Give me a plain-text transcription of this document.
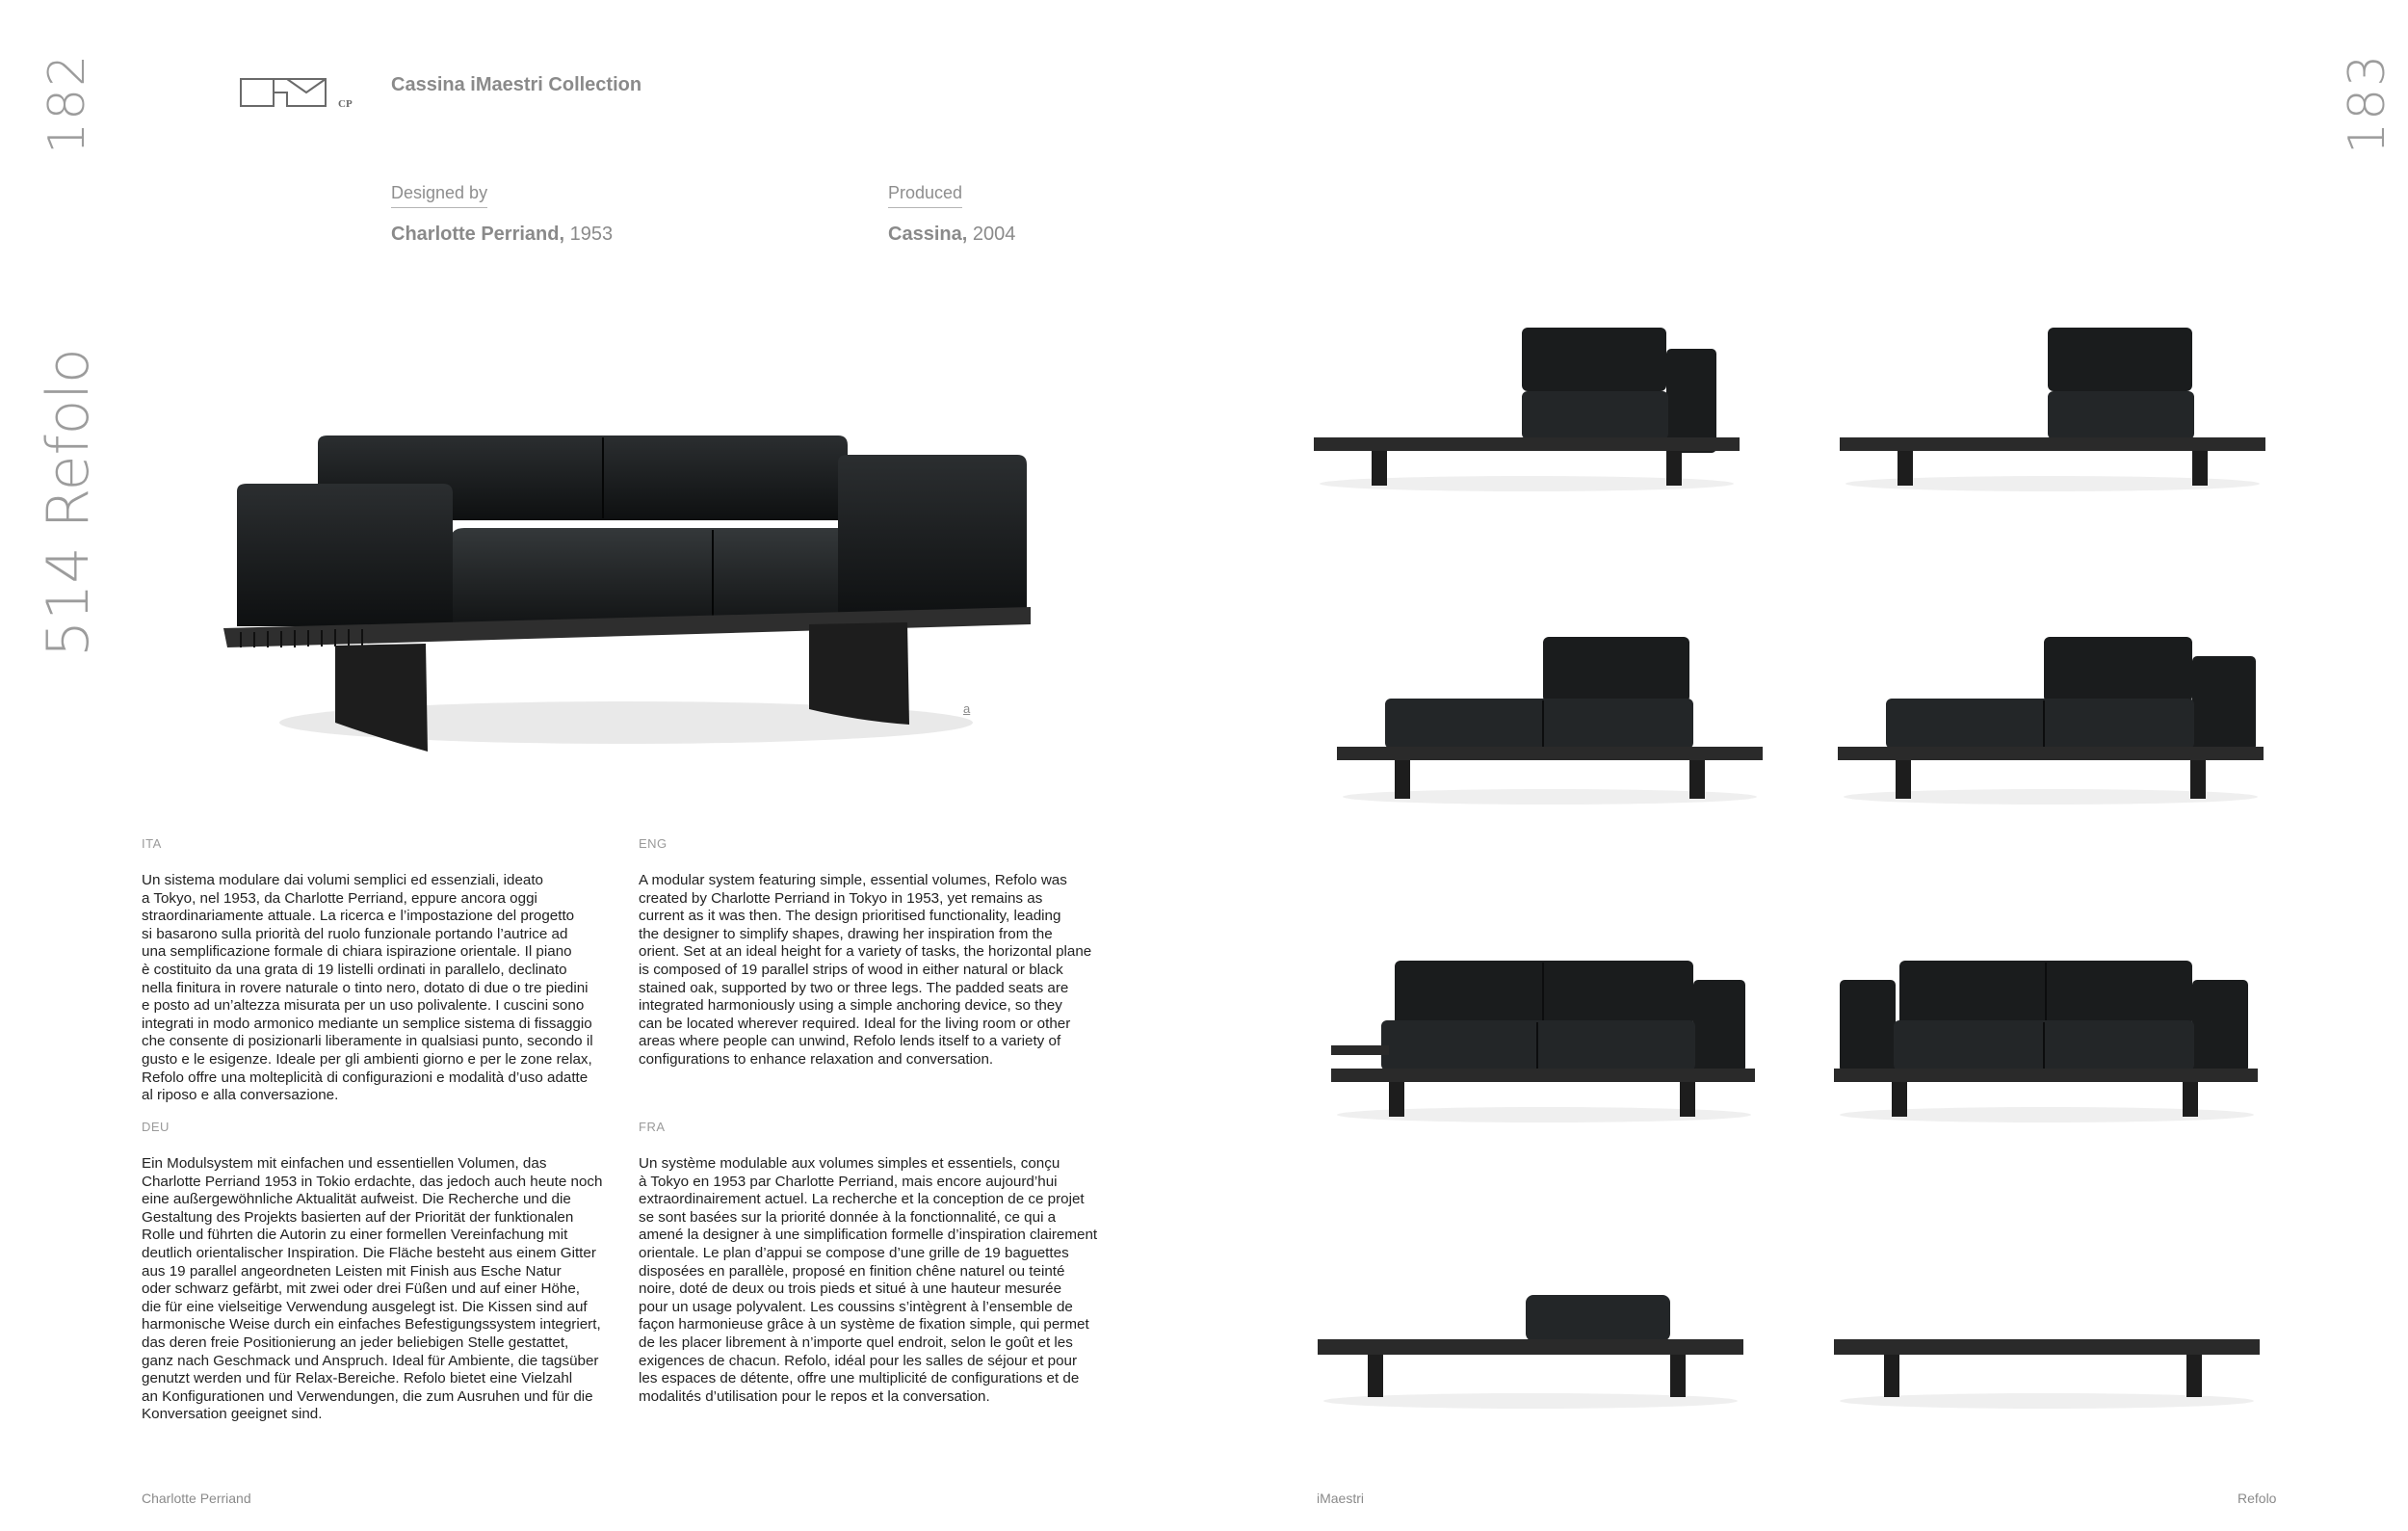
182
514 Refolo
183
CP
Cassina iMaestri Collection
Designed by
Charlotte Perriand, 1953
Produced
Cassina, 2004
a
ITA
Un sistema modulare dai volumi semplici ed essenziali, ideato
a Tokyo, nel 1953, da Charlotte Perriand, eppure ancora oggi
straordinariamente attuale. La ricerca e l’impostazione del progetto
si basarono sulla priorità del ruolo funzionale portando l’autrice ad
una semplificazione formale di chiara ispirazione orientale. Il piano
è costituito da una grata di 19 listelli ordinati in parallelo, declinato
nella finitura in rovere naturale o tinto nero, dotato di due o tre piedini
e posto ad un’altezza misurata per un uso polivalente. I cuscini sono
integrati in modo armonico mediante un semplice sistema di fissaggio
che consente di posizionarli liberamente in qualsiasi punto, secondo il
gusto e le esigenze. Ideale per gli ambienti giorno e per le zone relax,
Refolo offre una molteplicità di configurazioni e modalità d’uso adatte
al riposo e alla conversazione.
ENG
A modular system featuring simple, essential volumes, Refolo was
created by Charlotte Perriand in Tokyo in 1953, yet remains as
current as it was then. The design prioritised functionality, leading
the designer to simplify shapes, drawing her inspiration from the
orient. Set at an ideal height for a variety of tasks, the horizontal plane
is composed of 19 parallel strips of wood in either natural or black
stained oak, supported by two or three legs. The padded seats are
integrated harmoniously using a simple anchoring device, so they
can be located wherever required. Ideal for the living room or other
areas where people can unwind, Refolo lends itself to a variety of
configurations to enhance relaxation and conversation.
DEU
Ein Modulsystem mit einfachen und essentiellen Volumen, das
Charlotte Perriand 1953 in Tokio erdachte, das jedoch auch heute noch
eine außergewöhnliche Aktualität aufweist. Die Recherche und die
Gestaltung des Projekts basierten auf der Priorität der funktionalen
Rolle und führten die Autorin zu einer formellen Vereinfachung mit
deutlich orientalischer Inspiration. Die Fläche besteht aus einem Gitter
aus 19 parallel angeordneten Leisten mit Finish aus Esche Natur
oder schwarz gefärbt, mit zwei oder drei Füßen und auf einer Höhe,
die für eine vielseitige Verwendung ausgelegt ist. Die Kissen sind auf
harmonische Weise durch ein einfaches Befestigungssystem integriert,
das deren freie Positionierung an jeder beliebigen Stelle gestattet,
ganz nach Geschmack und Anspruch. Ideal für Ambiente, die tagsüber
genutzt werden und für Relax-Bereiche. Refolo bietet eine Vielzahl
an Konfigurationen und Verwendungen, die zum Ausruhen und für die
Konversation geeignet sind.
FRA
Un système modulable aux volumes simples et essentiels, conçu
à Tokyo en 1953 par Charlotte Perriand, mais encore aujourd’hui
extraordinairement actuel. La recherche et la conception de ce projet
se sont basées sur la priorité donnée à la fonctionnalité, ce qui a
amené la designer à une simplification formelle d’inspiration clairement
orientale. Le plan d’appui se compose d’une grille de 19 baguettes
disposées en parallèle, proposé en finition chêne naturel ou teinté
noire, doté de deux ou trois pieds et situé à une hauteur mesurée
pour un usage polyvalent. Les coussins s’intègrent à l’ensemble de
façon harmonieuse grâce à un système de fixation simple, qui permet
de les placer librement à n’importe quel endroit, selon le goût et les
exigences de chacun. Refolo, idéal pour les salles de séjour et pour
les espaces de détente, offre une multiplicité de configurations et de
modalités d’utilisation pour le repos et la conversation.
Charlotte Perriand	iMaestri	Refolo
